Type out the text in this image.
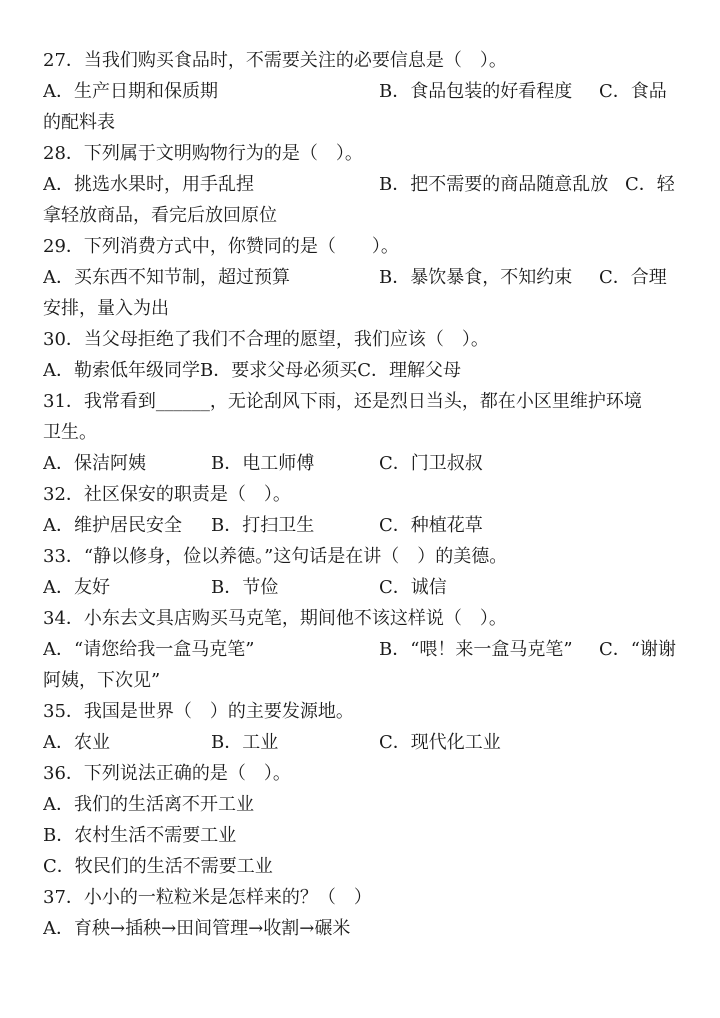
27．当我们购买食品时，不需要关注的必要信息是（　）。
A．生产日期和保质期	B．食品包装的好看程度 C．食品
的配料表
28．下列属于文明购物行为的是（　）。
A．挑选水果时，用手乱捏	B．把不需要的商品随意乱放 C．轻
拿轻放商品，看完后放回原位
29．下列消费方式中，你赞同的是（　　）。
A．买东西不知节制，超过预算	B．暴饮暴食，不知约束 C．合理
安排，量入为出
30．当父母拒绝了我们不合理的愿望，我们应该（　）。
A．勒索低年级同学B．要求父母必须买C．理解父母
31．我常看到______，无论刮风下雨，还是烈日当头，都在小区里维护环境
卫生。
A．保洁阿姨	B．电工师傅	C．门卫叔叔
32．社区保安的职责是（　）。
A．维护居民安全 B．打扫卫生	C．种植花草
33．“静以修身，俭以养德。”这句话是在讲（　）的美德。
A．友好	B．节俭	C．诚信
34．小东去文具店购买马克笔，期间他不该这样说（　）。
A．“请您给我一盒马克笔”	B．“喂！来一盒马克笔” C．“谢谢
阿姨，下次见”
35．我国是世界（　）的主要发源地。
A．农业	B．工业	C．现代化工业
36．下列说法正确的是（　）。
A．我们的生活离不开工业
B．农村生活不需要工业
C．牧民们的生活不需要工业
37．小小的一粒粒米是怎样来的？（　）
A．育秧→插秧→田间管理→收割→碾米
